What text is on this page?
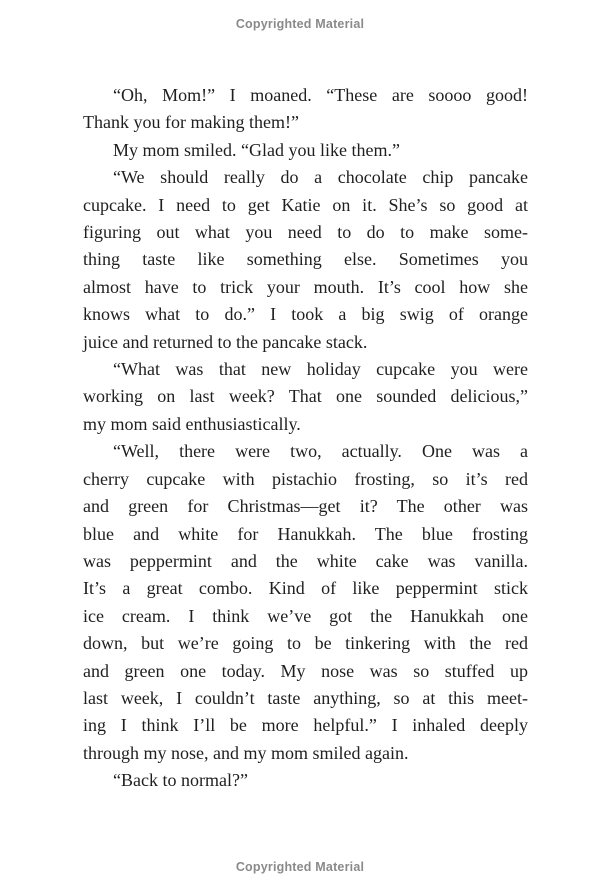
Copyrighted Material
“Oh, Mom!” I moaned. “These are soooo good!
Thank you for making them!”
My mom smiled. “Glad you like them.”
“We should really do a chocolate chip pancake
cupcake. I need to get Katie on it. She’s so good at
figuring out what you need to do to make some-
thing taste like something else. Sometimes you
almost have to trick your mouth. It’s cool how she
knows what to do.” I took a big swig of orange
juice and returned to the pancake stack.
“What was that new holiday cupcake you were
working on last week? That one sounded delicious,”
my mom said enthusiastically.
“Well, there were two, actually. One was a
cherry cupcake with pistachio frosting, so it’s red
and green for Christmas—get it? The other was
blue and white for Hanukkah. The blue frosting
was peppermint and the white cake was vanilla.
It’s a great combo. Kind of like peppermint stick
ice cream. I think we’ve got the Hanukkah one
down, but we’re going to be tinkering with the red
and green one today. My nose was so stuffed up
last week, I couldn’t taste anything, so at this meet-
ing I think I’ll be more helpful.” I inhaled deeply
through my nose, and my mom smiled again.
“Back to normal?”
Copyrighted Material
